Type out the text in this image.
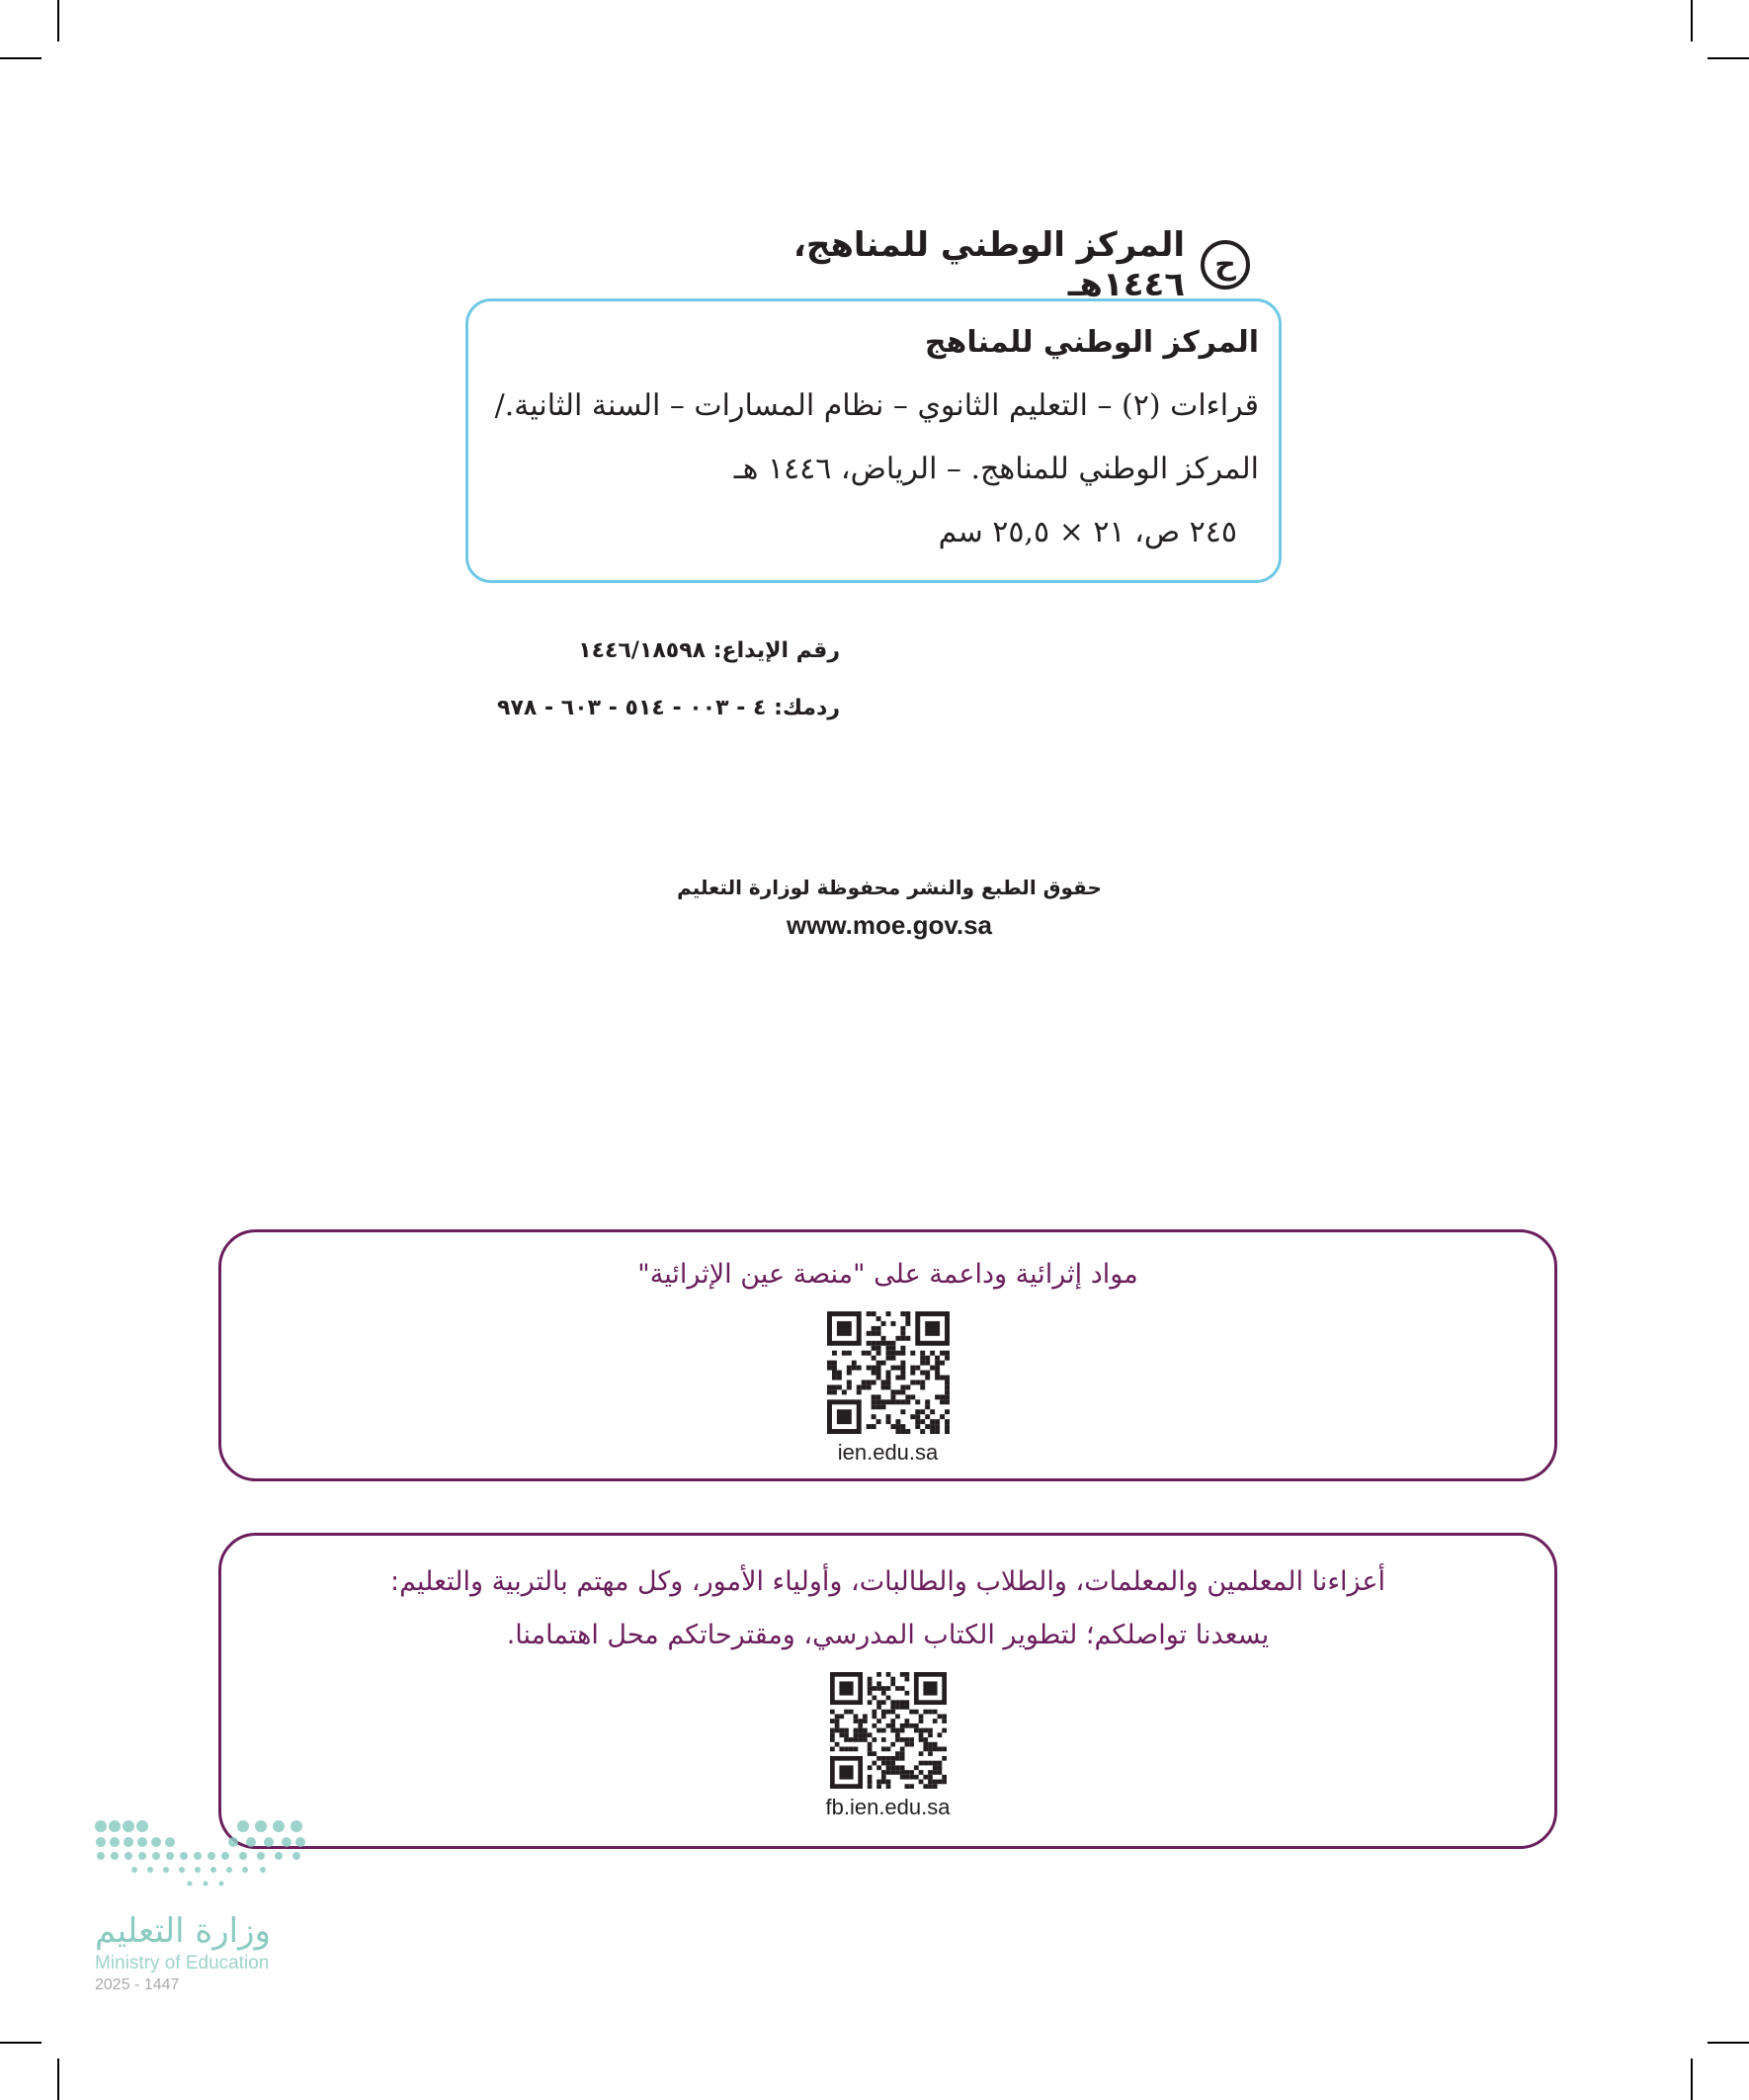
ح
المركز الوطني للمناهج، ١٤٤٦هـ
المركز الوطني للمناهج
قراءات (٢) – التعليم الثانوي – نظام المسارات – السنة الثانية./
المركز الوطني للمناهج. – الرياض، ١٤٤٦ هـ
٢٤٥ ص، ٢١ × ٢٥,٥ سم
رقم الإيداع: ١٤٤٦/١٨٥٩٨
ردمك: ٤ - ٠٠٣ - ٥١٤ - ٦٠٣ - ٩٧٨
حقوق الطبع والنشر محفوظة لوزارة التعليم
www.moe.gov.sa
مواد إثرائية وداعمة على "منصة عين الإثرائية"
ien.edu.sa
أعزاءنا المعلمين والمعلمات، والطلاب والطالبات، وأولياء الأمور، وكل مهتم بالتربية والتعليم:
يسعدنا تواصلكم؛ لتطوير الكتاب المدرسي، ومقترحاتكم محل اهتمامنا.
fb.ien.edu.sa
وزارة التعليم
Ministry of Education
2025 - 1447
